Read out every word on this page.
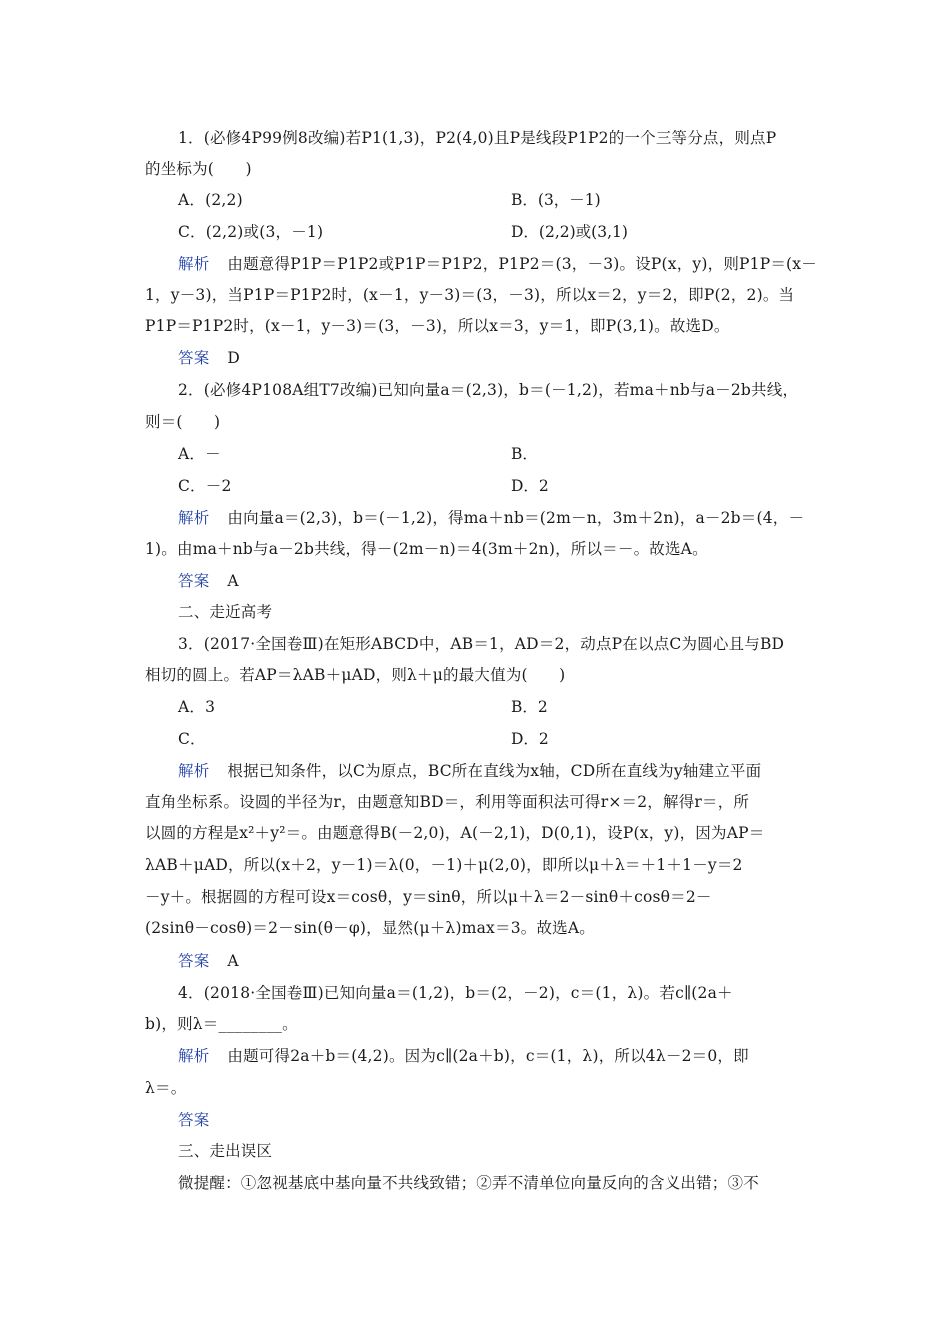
1．(必修4P99例8改编)若P1(1,3)，P2(4,0)且P是线段P1P2的一个三等分点，则点P
的坐标为(　　)
A．(2,2)	B．(3，－1)
C．(2,2)或(3，－1)	D．(2,2)或(3,1)
解析 由题意得P1P＝P1P2或P1P＝P1P2，P1P2＝(3，－3)。设P(x，y)，则P1P＝(x－
1，y－3)，当P1P＝P1P2时，(x－1，y－3)＝(3，－3)，所以x＝2，y＝2，即P(2，2)。当
P1P＝P1P2时，(x－1，y－3)＝(3，－3)，所以x＝3，y＝1，即P(3,1)。故选D。
答案 D
2．(必修4P108A组T7改编)已知向量a＝(2,3)，b＝(－1,2)，若ma＋nb与a－2b共线，
则＝(　　)
A．－	B．
C．－2	D．2
解析 由向量a＝(2,3)，b＝(－1,2)，得ma＋nb＝(2m－n，3m＋2n)，a－2b＝(4，－
1)。由ma＋nb与a－2b共线，得－(2m－n)＝4(3m＋2n)，所以＝－。故选A。
答案 A
二、走近高考
3．(2017·全国卷Ⅲ)在矩形ABCD中，AB＝1，AD＝2，动点P在以点C为圆心且与BD
相切的圆上。若AP＝λAB＋μAD，则λ＋μ的最大值为(　　)
A．3	B．2
C．	D．2
解析 根据已知条件，以C为原点，BC所在直线为x轴，CD所在直线为y轴建立平面
直角坐标系。设圆的半径为r，由题意知BD＝，利用等面积法可得r×＝2，解得r＝，所
以圆的方程是x²＋y²＝。由题意得B(－2,0)，A(－2,1)，D(0,1)，设P(x，y)，因为AP＝
λAB＋μAD，所以(x＋2，y－1)＝λ(0，－1)＋μ(2,0)，即所以μ＋λ＝＋1＋1－y＝2
－y＋。根据圆的方程可设x＝cosθ，y＝sinθ，所以μ＋λ＝2－sinθ＋cosθ＝2－
(2sinθ－cosθ)＝2－sin(θ－φ)，显然(μ＋λ)max＝3。故选A。
答案 A
4．(2018·全国卷Ⅲ)已知向量a＝(1,2)，b＝(2，－2)，c＝(1，λ)。若c∥(2a＋
b)，则λ＝________。
解析 由题可得2a＋b＝(4,2)。因为c∥(2a＋b)，c＝(1，λ)，所以4λ－2＝0，即
λ＝。
答案
三、走出误区
微提醒：①忽视基底中基向量不共线致错；②弄不清单位向量反向的含义出错；③不
